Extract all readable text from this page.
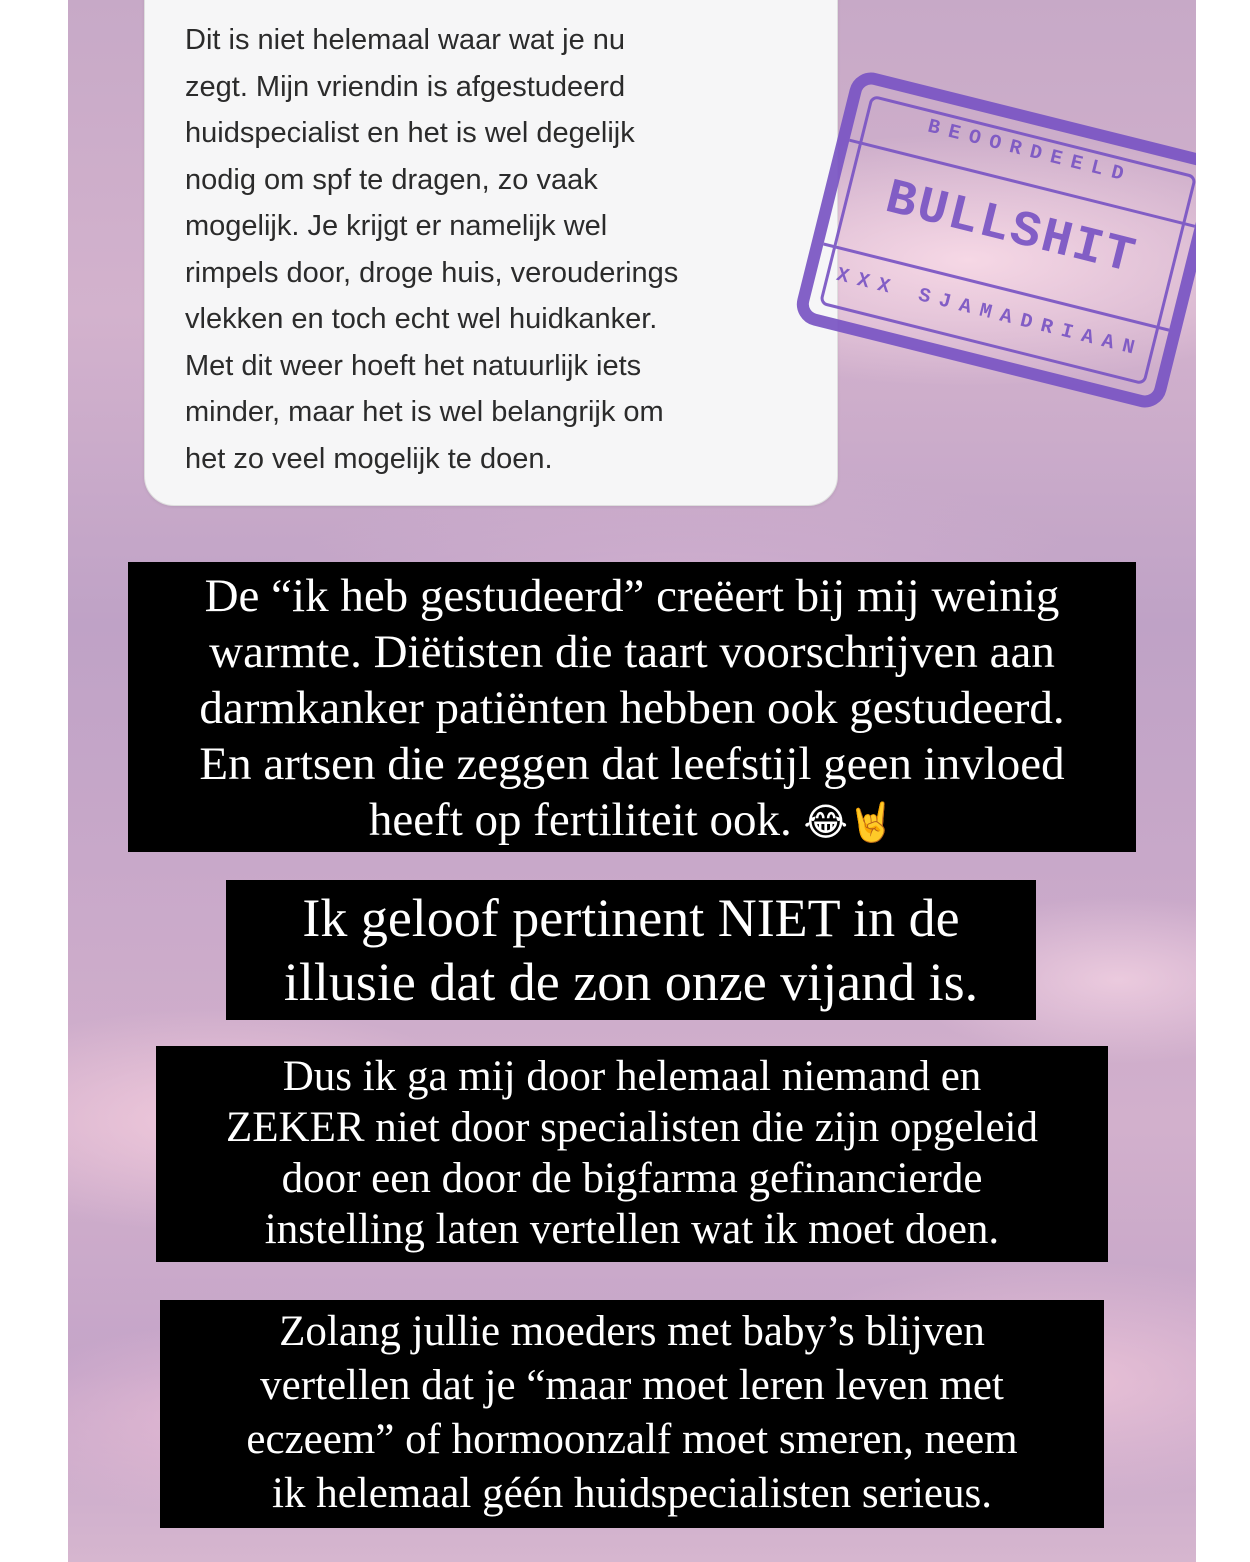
Dit is niet helemaal waar wat je nu
zegt. Mijn vriendin is afgestudeerd
huidspecialist en het is wel degelijk
nodig om spf te dragen, zo vaak
mogelijk. Je krijgt er namelijk wel
rimpels door, droge huis, verouderings
vlekken en toch echt wel huidkanker.
Met dit weer hoeft het natuurlijk iets
minder, maar het is wel belangrijk om
het zo veel mogelijk te doen.

BEOORDEELD
BULLSHIT
XXX SJAMADRIAAN
De “ik heb gestudeerd” creëert bij mij weinig
warmte. Diëtisten die taart voorschrijven aan
darmkanker patiënten hebben ook gestudeerd.
En artsen die zeggen dat leefstijl geen invloed
heeft op fertiliteit ook. 😂🤘
Ik geloof pertinent NIET in de
illusie dat de zon onze vijand is.
Dus ik ga mij door helemaal niemand en
ZEKER niet door specialisten die zijn opgeleid
door een door de bigfarma gefinancierde
instelling laten vertellen wat ik moet doen.
Zolang jullie moeders met baby’s blijven
vertellen dat je “maar moet leren leven met
eczeem” of hormoonzalf moet smeren, neem
ik helemaal géén huidspecialisten serieus.
